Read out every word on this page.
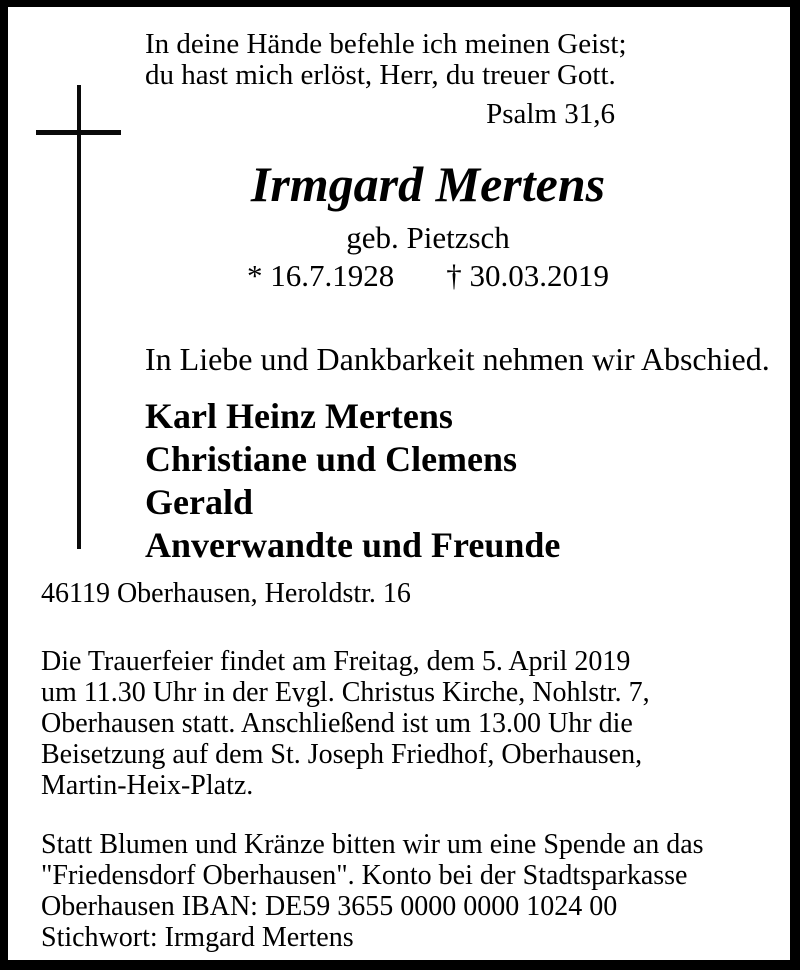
In deine Hände befehle ich meinen Geist;
du hast mich erlöst, Herr, du treuer Gott.
Psalm 31,6
Irmgard Mertens
geb. Pietzsch
* 16.7.1928 † 30.03.2019
In Liebe und Dankbarkeit nehmen wir Abschied.
Karl Heinz Mertens
Christiane und Clemens
Gerald
Anverwandte und Freunde
46119 Oberhausen, Heroldstr. 16
Die Trauerfeier findet am Freitag, dem 5. April 2019
um 11.30 Uhr in der Evgl. Christus Kirche, Nohlstr. 7,
Oberhausen statt. Anschließend ist um 13.00 Uhr die
Beisetzung auf dem St. Joseph Friedhof, Oberhausen,
Martin-Heix-Platz.
Statt Blumen und Kränze bitten wir um eine Spende an das
"Friedensdorf Oberhausen". Konto bei der Stadtsparkasse
Oberhausen IBAN: DE59 3655 0000 0000 1024 00
Stichwort: Irmgard Mertens
